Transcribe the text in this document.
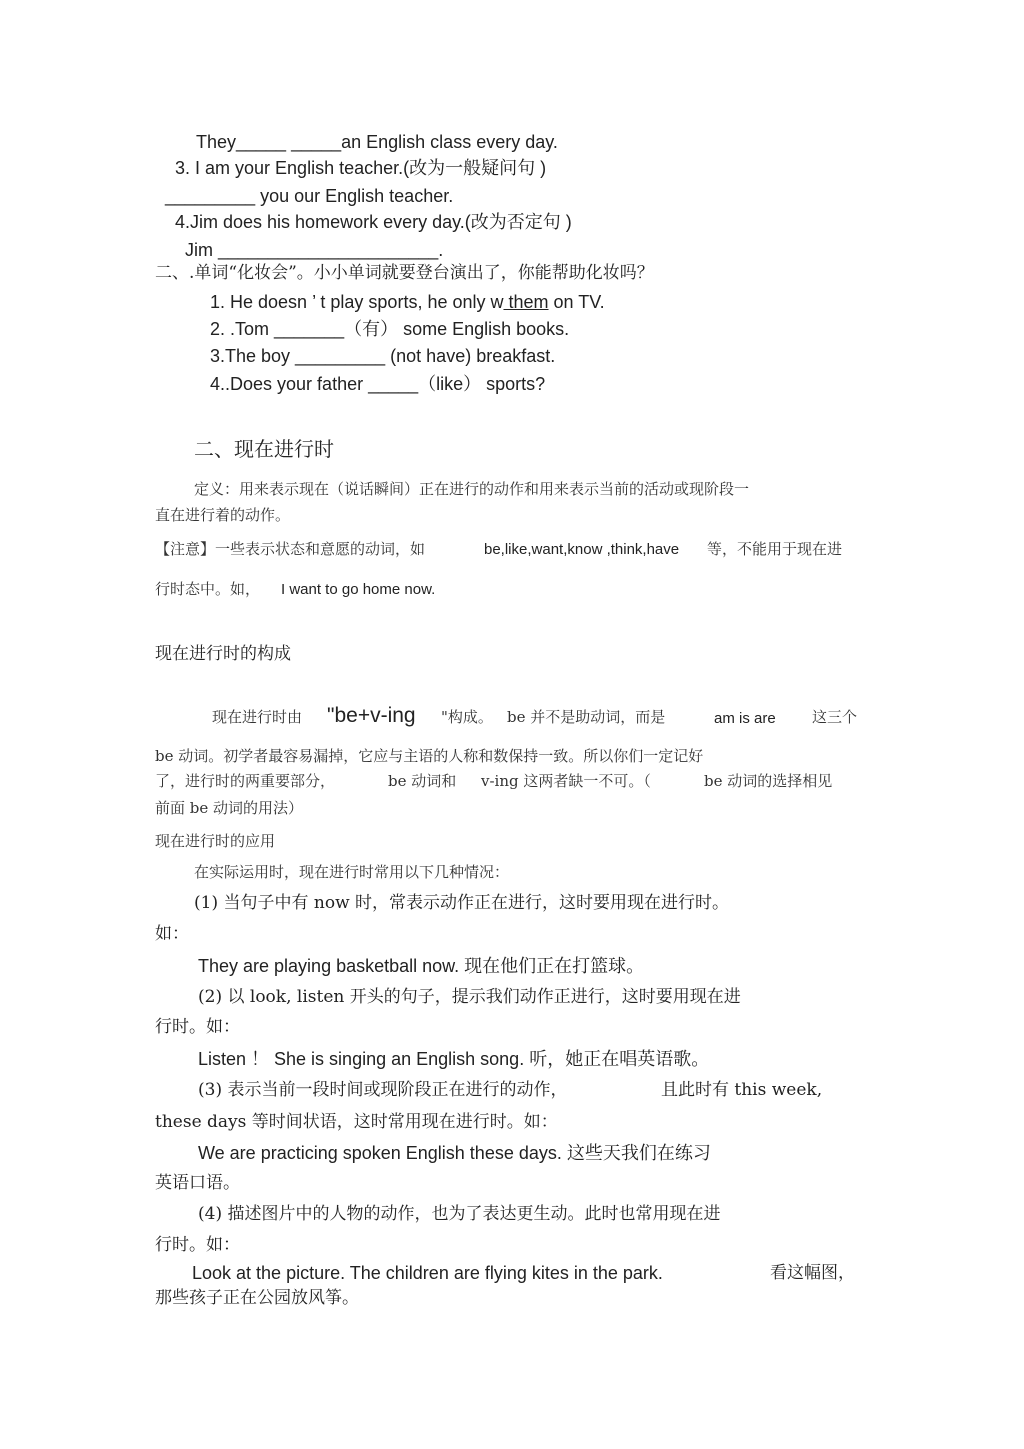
They_____ _____an English class every day.
3. I am your English teacher.(改为一般疑问句 )
_________ you our English teacher.
4.Jim does his homework every day.(改为否定句 )
Jim ______________________.
二、.单词“化妆会”。小小单词就要登台演出了，你能帮助化妆吗？
1. He doesn ’ t play sports, he only w them on TV.
2. .Tom _______（有） some English books.
3.The boy _________ (not have) breakfast.
4..Does your father _____（like） sports?
二、现在进行时
定义：用来表示现在（说话瞬间）正在进行的动作和用来表示当前的活动或现阶段一
直在进行着的动作。
【注意】一些表示状态和意愿的动词，如	be,like,want,know ,think,have 等，不能用于现在进
行时态中。如， I want to go home now.
现在进行时的构成
现在进行时由 "be+v-ing "构成。 be 并不是助动词，而是	am is are 这三个
be 动词。初学者最容易漏掉，它应与主语的人称和数保持一致。所以你们一定记好
了，进行时的两重要部分，	be 动词和 v-ing 这两者缺一不可。（	be 动词的选择相见
前面 be 动词的用法）
现在进行时的应用
在实际运用时，现在进行时常用以下几种情况：
(1) 当句子中有 now 时，常表示动作正在进行，这时要用现在进行时。
如：
They are playing basketball now. 现在他们正在打篮球。
(2) 以 look, listen 开头的句子，提示我们动作正进行，这时要用现在进
行时。如：
Listen ！ She is singing an English song. 听，她正在唱英语歌。
(3) 表示当前一段时间或现阶段正在进行的动作，	且此时有 this week,
these days 等时间状语，这时常用现在进行时。如：
We are practicing spoken English these days. 这些天我们在练习
英语口语。
(4) 描述图片中的人物的动作，也为了表达更生动。此时也常用现在进
行时。如：
Look at the picture. The children are flying kites in the park.	看这幅图，
那些孩子正在公园放风筝。
